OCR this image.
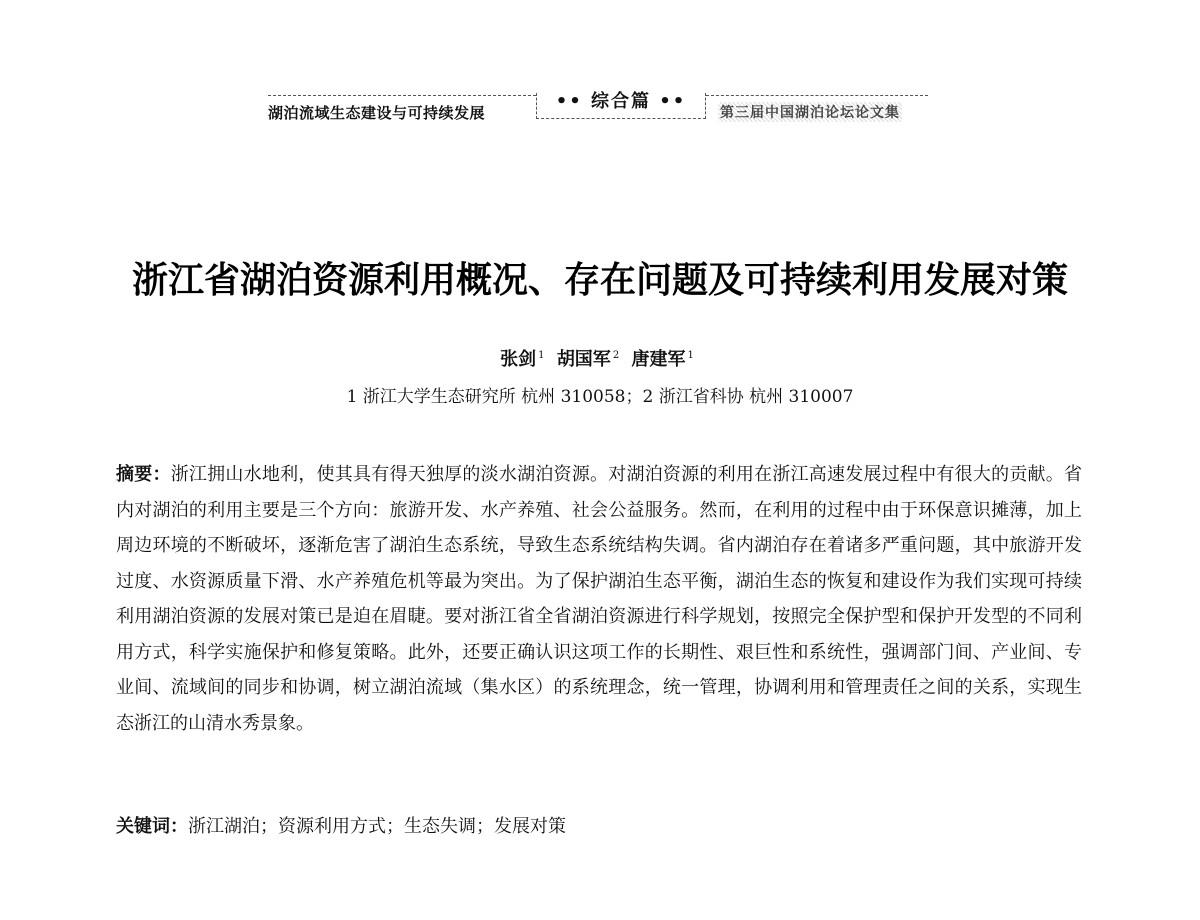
湖泊流域生态建设与可持续发展
•• 综合篇 ••
第三届中国湖泊论坛论文集
浙江省湖泊资源利用概况、存在问题及可持续利用发展对策
张剑 $^1$ 胡国军 $^2$ 唐建军 $^1$
1 浙江大学生态研究所 杭州 310058；2 浙江省科协 杭州 310007

摘要：浙江拥山水地利，使其具有得天独厚的淡水湖泊资源。对湖泊资源的利用在浙江高速发展过程中有很大的贡献。省内对湖泊的利用主要是三个方向：旅游开发、水产养殖、社会公益服务。然而，在利用的过程中由于环保意识摊薄，加上周边环境的不断破坏，逐渐危害了湖泊生态系统，导致生态系统结构失调。省内湖泊存在着诸多严重问题，其中旅游开发过度、水资源质量下滑、水产养殖危机等最为突出。为了保护湖泊生态平衡，湖泊生态的恢复和建设作为我们实现可持续利用湖泊资源的发展对策已是迫在眉睫。要对浙江省全省湖泊资源进行科学规划，按照完全保护型和保护开发型的不同利用方式，科学实施保护和修复策略。此外，还要正确认识这项工作的长期性、艰巨性和系统性，强调部门间、产业间、专业间、流域间的同步和协调，树立湖泊流域（集水区）的系统理念，统一管理，协调利用和管理责任之间的关系，实现生态浙江的山清水秀景象。

关键词：浙江湖泊；资源利用方式；生态失调；发展对策
